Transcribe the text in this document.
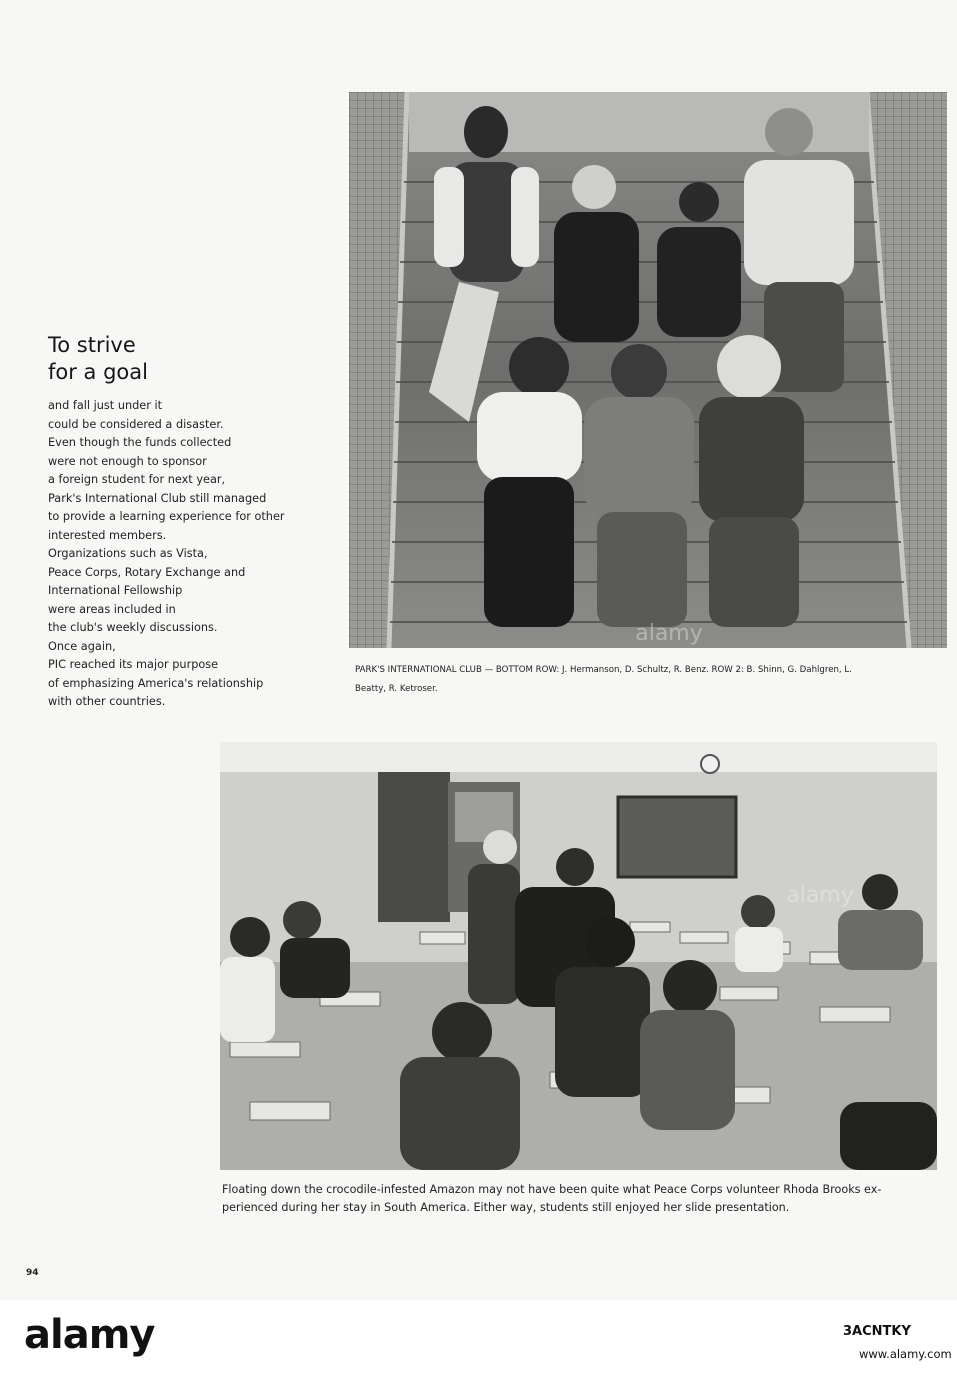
To strive
for a goal
and fall just under it
could be considered a disaster.
Even though the funds collected
were not enough to sponsor
a foreign student for next year,
Park's International Club still managed
to provide a learning experience for other
interested members.
Organizations such as Vista,
Peace Corps, Rotary Exchange and
International Fellowship
were areas included in
the club's weekly discussions.
Once again,
PIC reached its major purpose
of emphasizing America's relationship
with other countries.
alamy
PARK'S INTERNATIONAL CLUB — BOTTOM ROW: J. Hermanson, D. Schultz, R. Benz. ROW 2: B. Shinn, G. Dahlgren, L.
Beatty, R. Ketroser.
alamy
Floating down the crocodile-infested Amazon may not have been quite what Peace Corps volunteer Rhoda Brooks ex-
perienced during her stay in South America. Either way, students still enjoyed her slide presentation.
94
alamy	3ACNTKY
www.alamy.com
